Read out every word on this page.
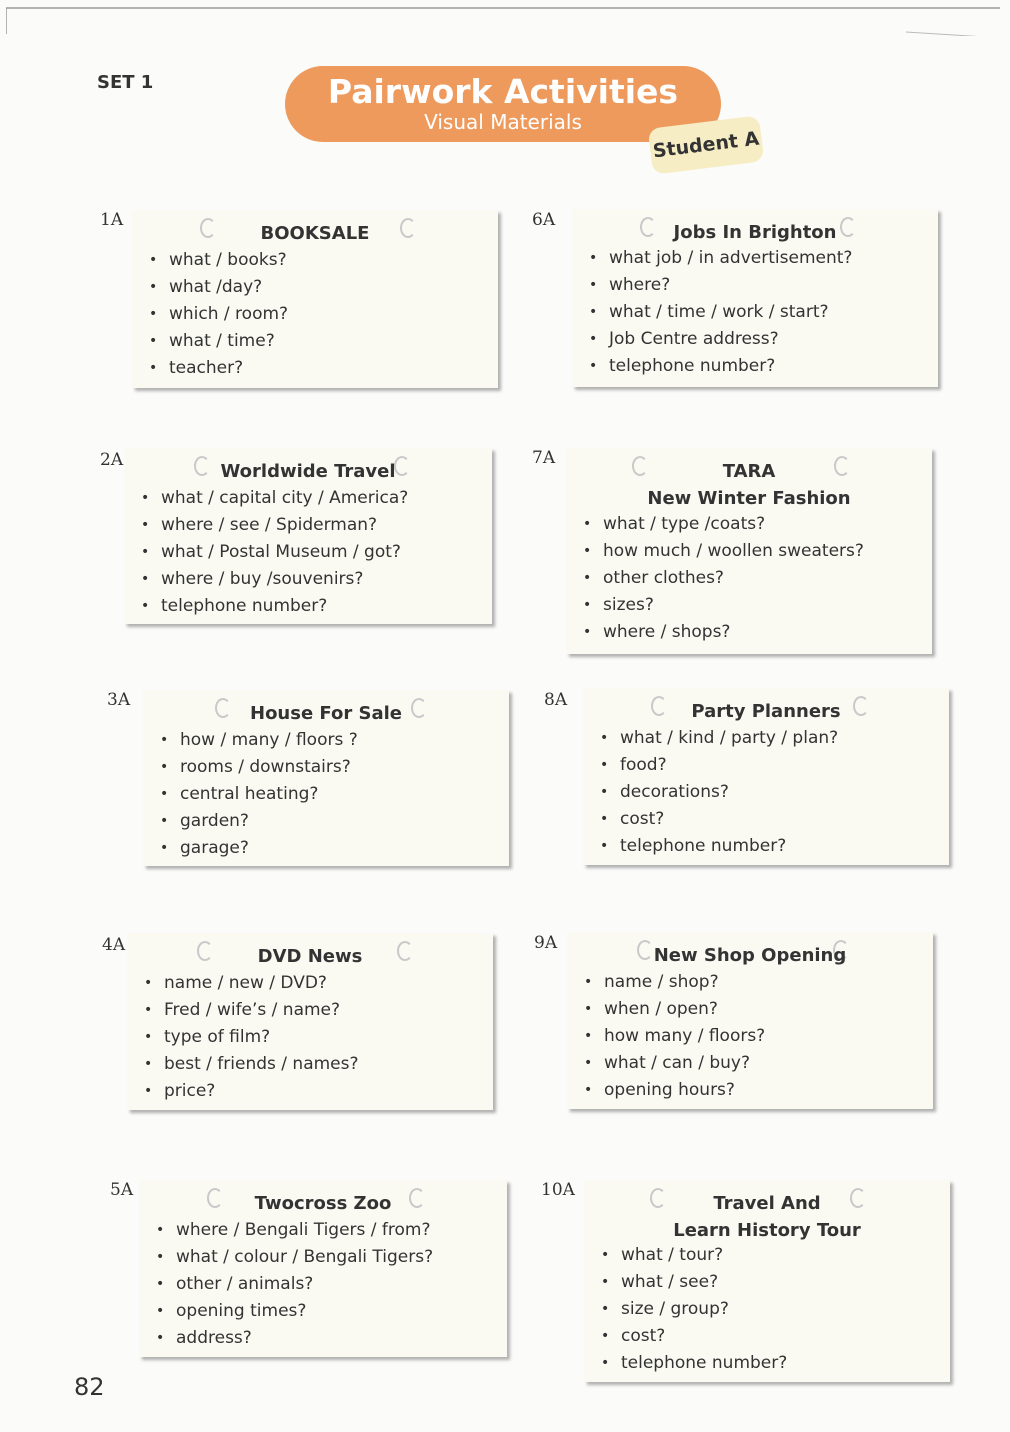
SET 1	Pairwork Activities
Visual Materials
Student A
1A
BOOKSALE
• what / books?
• what /day?
• which / room?
• what / time?
• teacher?
2A
Worldwide Travel
• what / capital city / America?
• where / see / Spiderman?
• what / Postal Museum / got?
• where / buy /souvenirs?
• telephone number?
3A
House For Sale
• how / many / floors ?
• rooms / downstairs?
• central heating?
• garden?
• garage?
4A
DVD News
• name / new / DVD?
• Fred / wife’s / name?
• type of film?
• best / friends / names?
• price?
5A
Twocross Zoo
• where / Bengali Tigers / from?
• what / colour / Bengali Tigers?
• other / animals?
• opening times?
• address?
6A
Jobs In Brighton
• what job / in advertisement?
• where?
• what / time / work / start?
• Job Centre address?
• telephone number?
7A
TARA
New Winter Fashion
• what / type /coats?
• how much / woollen sweaters?
• other clothes?
• sizes?
• where / shops?
8A
Party Planners
• what / kind / party / plan?
• food?
• decorations?
• cost?
• telephone number?
9A
New Shop Opening
• name / shop?
• when / open?
• how many / floors?
• what / can / buy?
• opening hours?
10A
Travel And
Learn History Tour
• what / tour?
• what / see?
• size / group?
• cost?
• telephone number?
82
